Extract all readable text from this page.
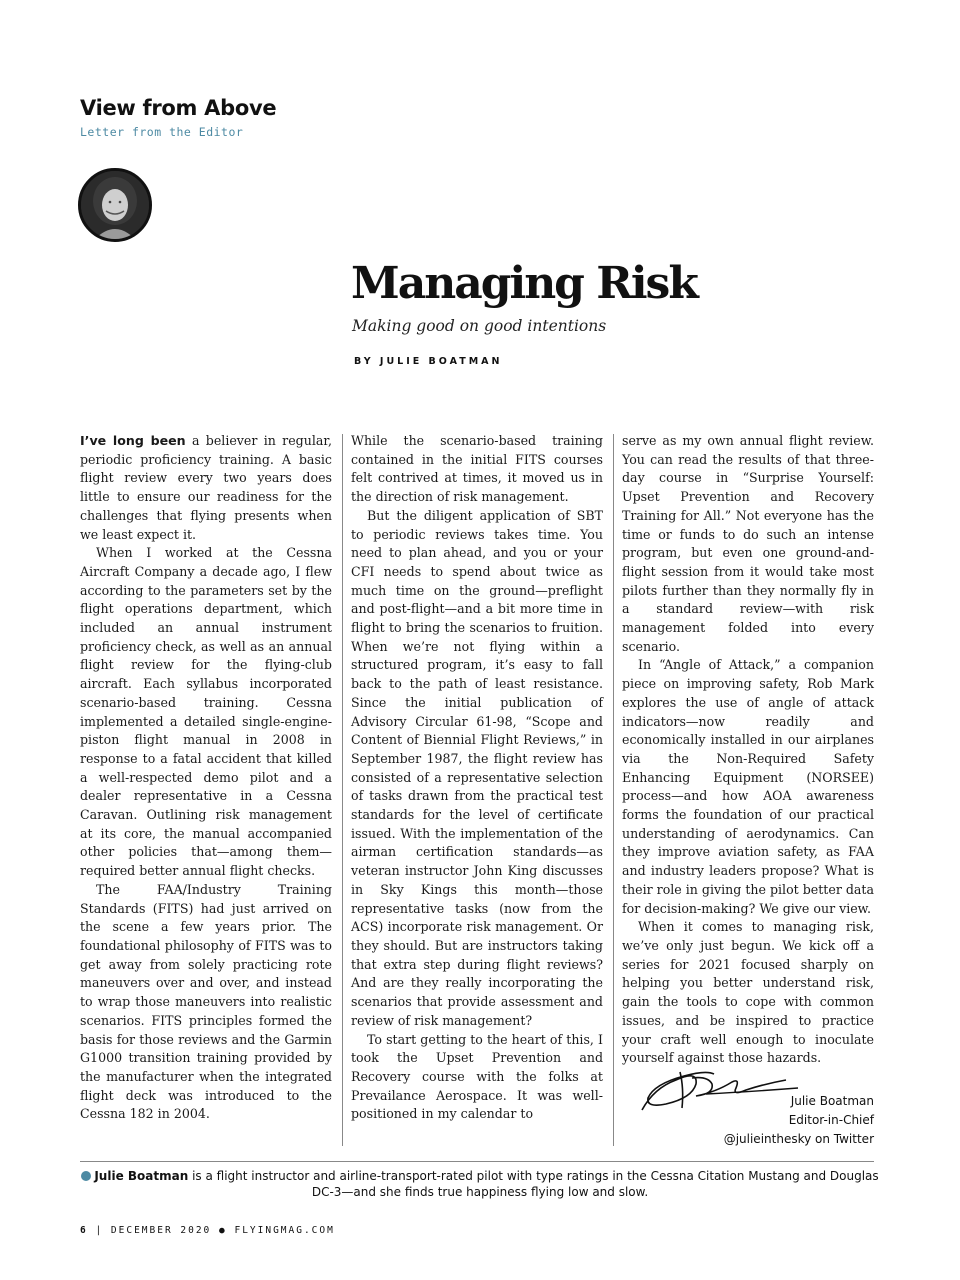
View from Above
Letter from the Editor
Managing Risk
Making good on good intentions
BY JULIE BOATMAN

I’ve long been a believer in regular, periodic proficiency training. A basic flight review every two years does little to ensure our readiness for the challenges that flying presents when we least expect it.

When I worked at the Cessna Aircraft Company a decade ago, I flew according to the parameters set by the flight operations department, which included an annual instrument proficiency check, as well as an annual flight review for the flying-club aircraft. Each syllabus incorporated scenario-based training. Cessna implemented a detailed single-engine-piston flight manual in 2008 in response to a fatal accident that killed a well-respected demo pilot and a dealer representative in a Cessna Caravan. Outlining risk management at its core, the manual accompanied other policies that—among them—required better annual flight checks.

The FAA/Industry Training Standards (FITS) had just arrived on the scene a few years prior. The foundational philosophy of FITS was to get away from solely practicing rote maneuvers over and over, and instead to wrap those maneuvers into realistic scenarios. FITS principles formed the basis for those reviews and the Garmin G1000 transition training provided by the manufacturer when the integrated flight deck was introduced to the Cessna 182 in 2004.

While the scenario-based training contained in the initial FITS courses felt contrived at times, it moved us in the direction of risk management.

But the diligent application of SBT to periodic reviews takes time. You need to plan ahead, and you or your CFI needs to spend about twice as much time on the ground—preflight and post-flight—and a bit more time in flight to bring the scenarios to fruition. When we’re not flying within a structured program, it’s easy to fall back to the path of least resistance. Since the initial publication of Advisory Circular 61-98, “Scope and Content of Biennial Flight Reviews,” in September 1987, the flight review has consisted of a representative selection of tasks drawn from the practical test standards for the level of certificate issued. With the implementation of the airman certification standards—as veteran instructor John King discusses in Sky Kings this month—those representative tasks (now from the ACS) incorporate risk management. Or they should. But are instructors taking that extra step during flight reviews? And are they really incorporating the scenarios that provide assessment and review of risk management?

To start getting to the heart of this, I took the Upset Prevention and Recovery course with the folks at Prevailance Aerospace. It was well-positioned in my calendar to

serve as my own annual flight review. You can read the results of that three-day course in “Surprise Yourself: Upset Prevention and Recovery Training for All.” Not everyone has the time or funds to do such an intense program, but even one ground-and-flight session from it would take most pilots further than they normally fly in a standard review—with risk management folded into every scenario.

In “Angle of Attack,” a companion piece on improving safety, Rob Mark explores the use of angle of attack indicators—now readily and economically installed in our airplanes via the Non-Required Safety Enhancing Equipment (NORSEE) process—and how AOA awareness forms the foundation of our practical understanding of aerodynamics. Can they improve aviation safety, as FAA and industry leaders propose? What is their role in giving the pilot better data for decision-making? We give our view.

When it comes to managing risk, we’ve only just begun. We kick off a series for 2021 focused sharply on helping you better understand risk, gain the tools to cope with common issues, and be inspired to practice your craft well enough to inoculate yourself against those hazards.

Julie Boatman
Editor-in-Chief
@julieinthesky on Twitter
Julie Boatman is a flight instructor and airline-transport-rated pilot with type ratings in the Cessna Citation Mustang and Douglas DC-3—and she finds true happiness flying low and slow.
6 | DECEMBER 2020 ● FLYINGMAG.COM
